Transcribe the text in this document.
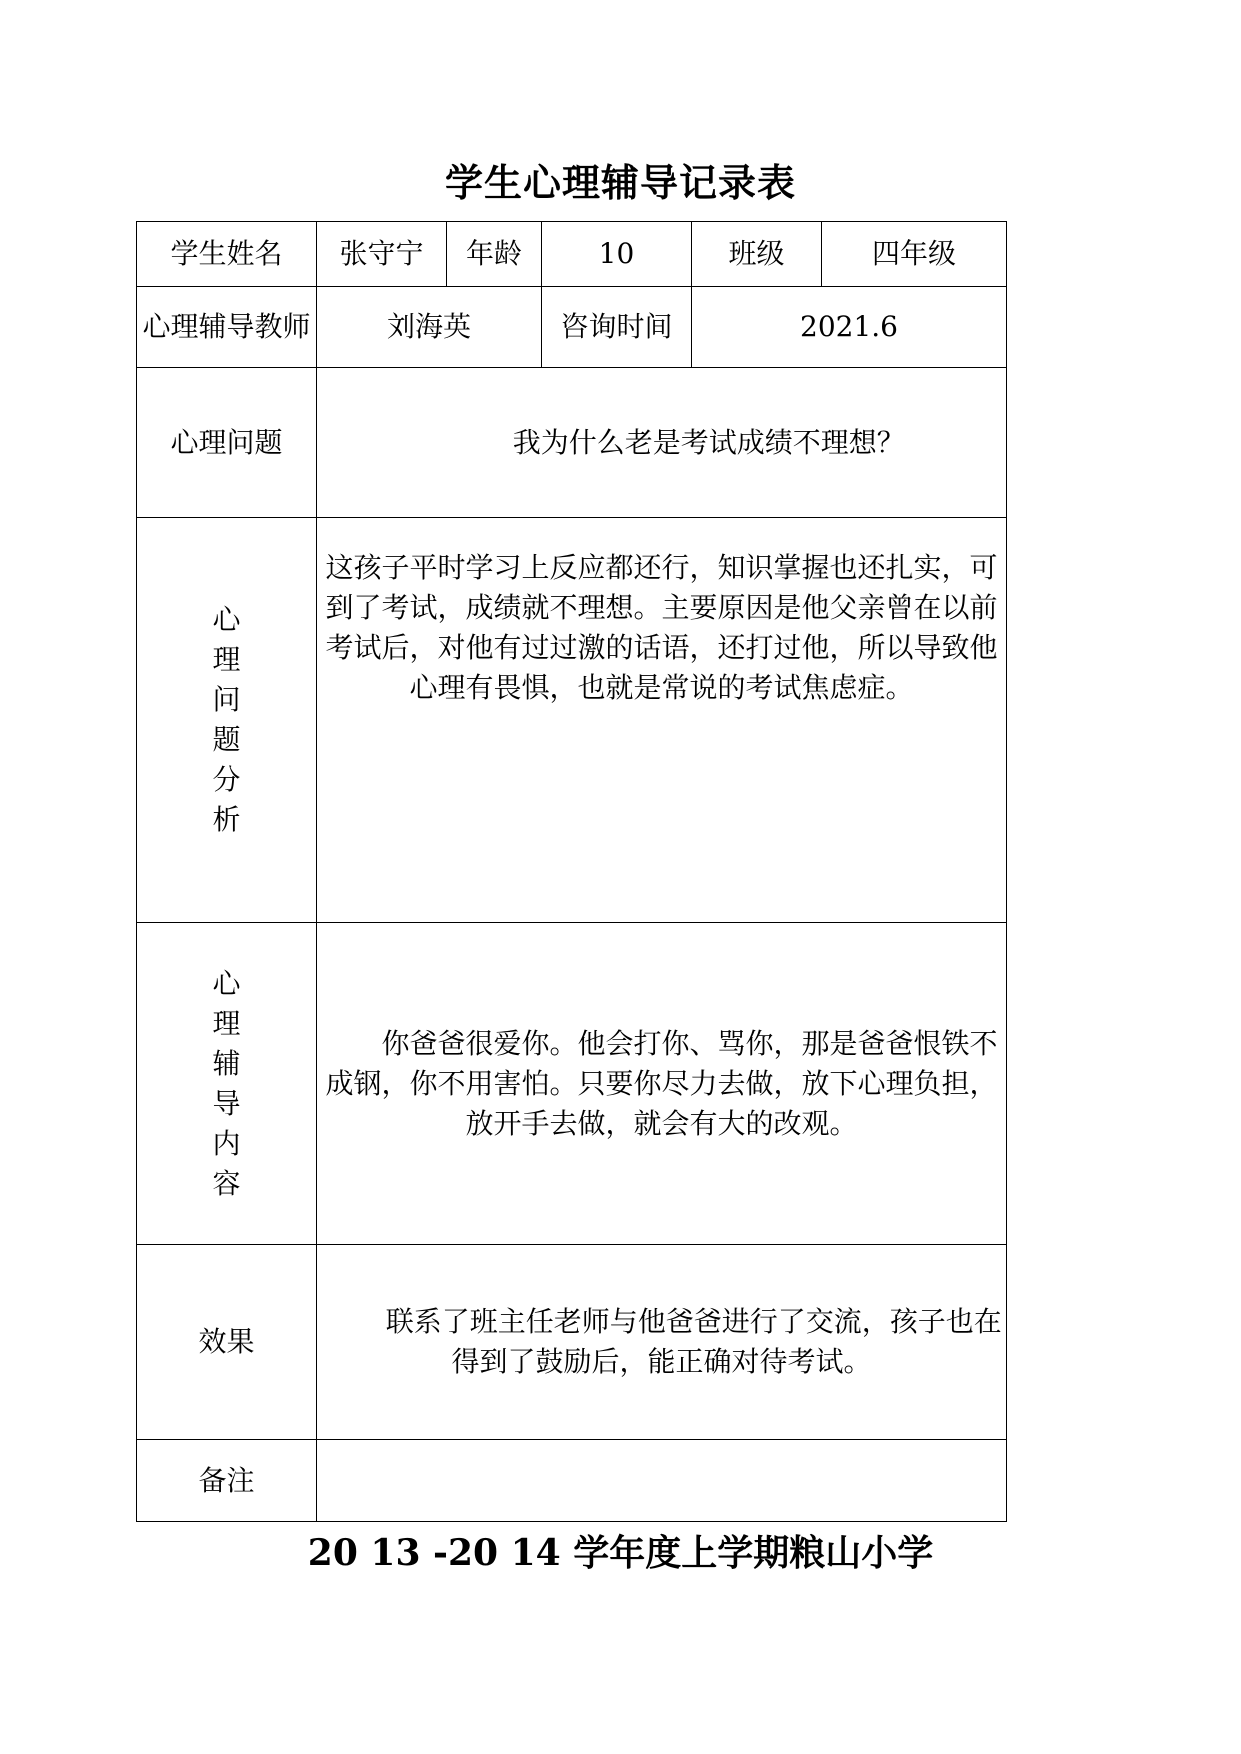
学生心理辅导记录表
学生姓名	张守宁	年龄	10	班级	四年级
心理辅导教师	刘海英		咨询时间	2021.6	
心理问题	我为什么老是考试成绩不理想？				
心理问题分析	这孩子平时学习上反应都还行，知识掌握也还扎实，可到了考试，成绩就不理想。主要原因是他父亲曾在以前考试后，对他有过过激的话语，还打过他，所以导致他心理有畏惧，也就是常说的考试焦虑症。				
心理辅导内容	你爸爸很爱你。他会打你、骂你，那是爸爸恨铁不成钢，你不用害怕。只要你尽力去做，放下心理负担，放开手去做，就会有大的改观。				
效果	联系了班主任老师与他爸爸进行了交流，孩子也在得到了鼓励后，能正确对待考试。				
备注					
20 13 -20 14 学年度上学期粮山小学
